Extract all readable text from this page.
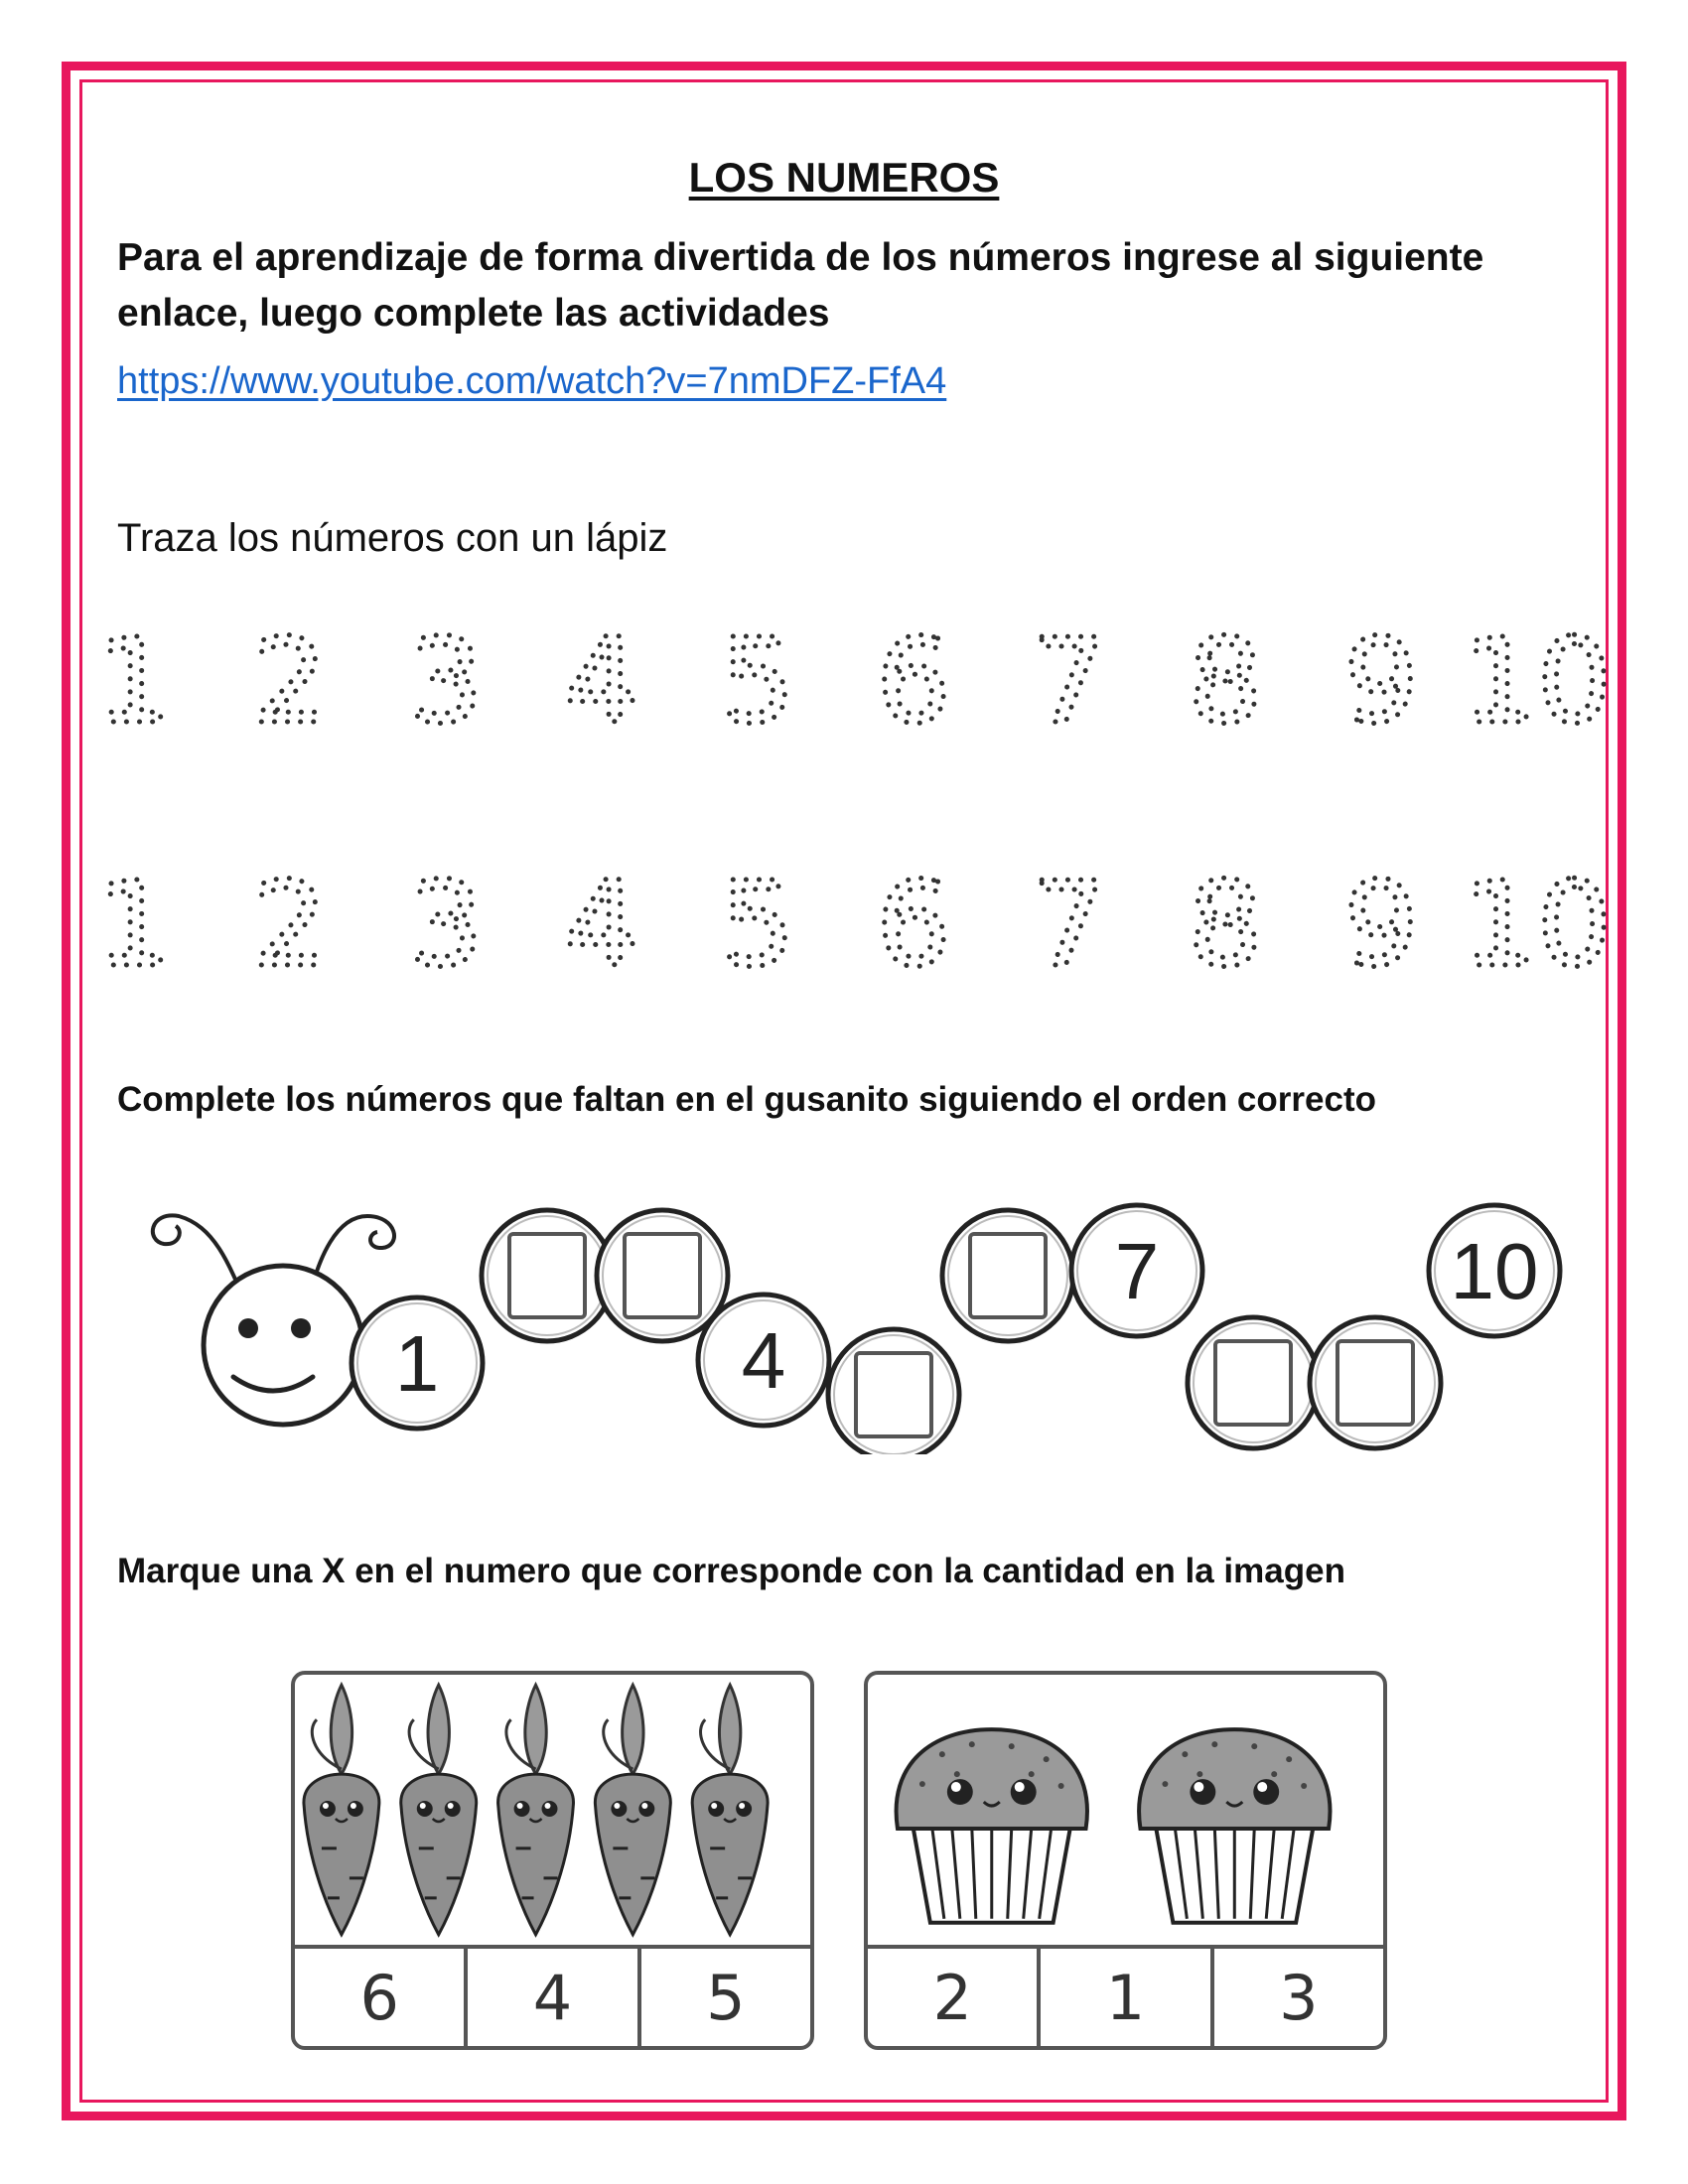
LOS NUMEROS
Para el aprendizaje de forma divertida de los números ingrese al siguiente enlace, luego complete las actividades
https://www.youtube.com/watch?v=7nmDFZ-FfA4
Traza los números con un lápiz
1 2 3 4 5 6 7 8 9 10
1 2 3 4 5 6 7 8 9 10
Complete los números que faltan en el gusanito siguiendo el orden correcto
1	4
7	10
Marque una X en el numero que corresponde con la cantidad en la imagen
6	4	5	2	1	3
